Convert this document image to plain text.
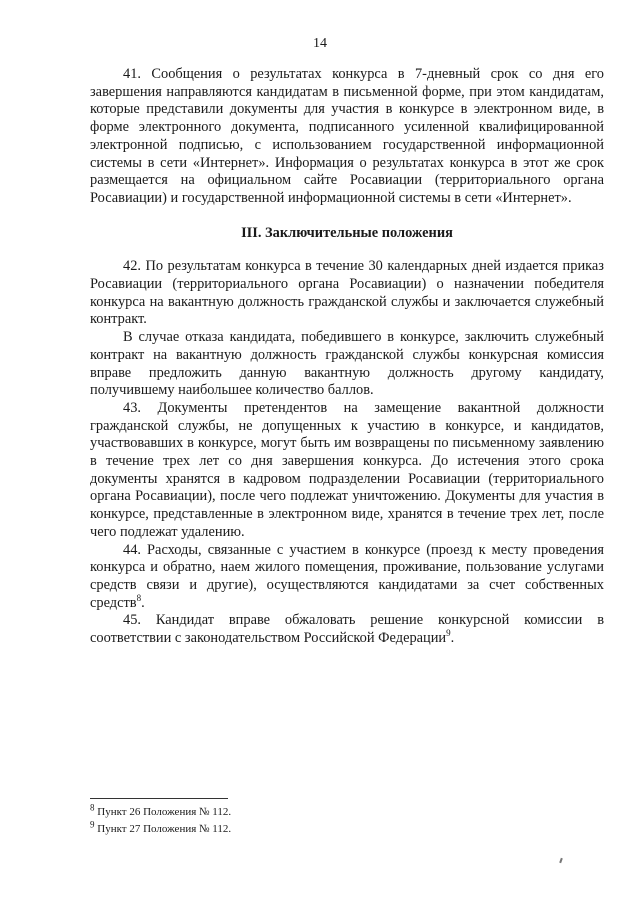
14

41. Сообщения о результатах конкурса в 7-дневный срок со дня его завершения направляются кандидатам в письменной форме, при этом кандидатам, которые представили документы для участия в конкурсе в электронном виде, в форме электронного документа, подписанного усиленной квалифицированной электронной подписью, с использованием государственной информационной системы в сети «Интернет». Информация о результатах конкурса в этот же срок размещается на официальном сайте Росавиации (территориального органа Росавиации) и государственной информационной системы в сети «Интернет».

III. Заключительные положения

42. По результатам конкурса в течение 30 календарных дней издается приказ Росавиации (территориального органа Росавиации) о назначении победителя конкурса на вакантную должность гражданской службы и заключается служебный контракт.

В случае отказа кандидата, победившего в конкурсе, заключить служебный контракт на вакантную должность гражданской службы конкурсная комиссия вправе предложить данную вакантную должность другому кандидату, получившему наибольшее количество баллов.

43. Документы претендентов на замещение вакантной должности гражданской службы, не допущенных к участию в конкурсе, и кандидатов, участвовавших в конкурсе, могут быть им возвращены по письменному заявлению в течение трех лет со дня завершения конкурса. До истечения этого срока документы хранятся в кадровом подразделении Росавиации (территориального органа Росавиации), после чего подлежат уничтожению. Документы для участия в конкурсе, представленные в электронном виде, хранятся в течение трех лет, после чего подлежат удалению.

44. Расходы, связанные с участием в конкурсе (проезд к месту проведения конкурса и обратно, наем жилого помещения, проживание, пользование услугами средств связи и другие), осуществляются кандидатами за счет собственных средств$^8$.

45. Кандидат вправе обжаловать решение конкурсной комиссии в соответствии с законодательством Российской Федерации$^9$.

$^8$ Пункт 26 Положения № 112.

$^9$ Пункт 27 Положения № 112.
